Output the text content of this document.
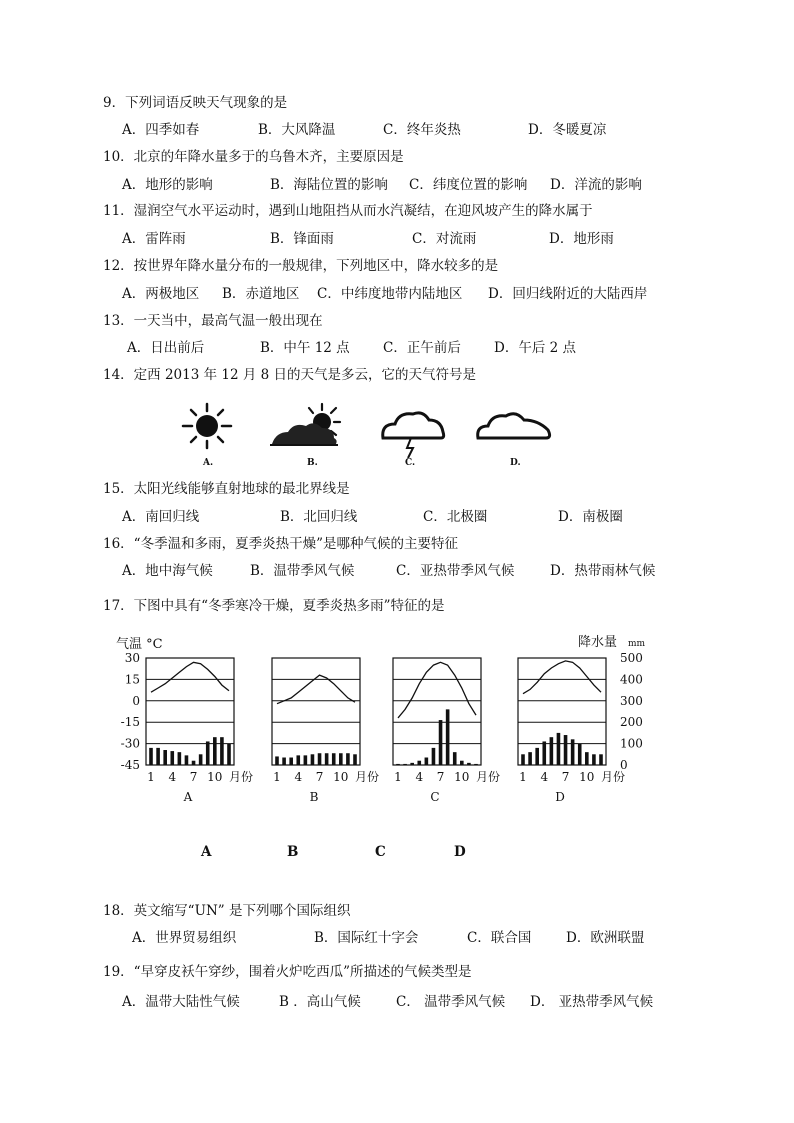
9．下列词语反映天气现象的是
A．四季如春	B．大风降温	C．终年炎热	D．冬暖夏凉
10．北京的年降水量多于的乌鲁木齐，主要原因是
A．地形的影响	B．海陆位置的影响 C．纬度位置的影响 D．洋流的影响
11．湿润空气水平运动时，遇到山地阻挡从而水汽凝结，在迎风坡产生的降水属于
A．雷阵雨	B．锋面雨	C．对流雨	D．地形雨
12．按世界年降水量分布的一般规律，下列地区中，降水较多的是
A．两极地区 B．赤道地区 C．中纬度地带内陆地区 D．回归线附近的大陆西岸
13．一天当中，最高气温一般出现在
A．日出前后	B．中午 12 点 C．正午前后 D．午后 2 点
14．定西 2013 年 12 月 8 日的天气是多云，它的天气符号是
A.	B.	C.	D.
15．太阳光线能够直射地球的最北界线是
A．南回归线	B．北回归线	C．北极圈	D．南极圈
16．“冬季温和多雨，夏季炎热干燥”是哪种气候的主要特征
A．地中海气候	B．温带季风气候	C．亚热带季风气候	D．热带雨林气候
17．下图中具有“冬季寒冷干燥，夏季炎热多雨”特征的是
气温 °C	降水量 mm
30
15
0
-15
-30
-45
500
400
300
200
100
0
1 4 7 10 月份
A
1 4 7 10 月份
B
1 4 7 10 月份
C
1 4 7 10 月份
D
A	B	C	D
18．英文缩写“UN” 是下列哪个国际组织
A．世界贸易组织	B．国际红十字会	C．联合国	D．欧洲联盟
19．“早穿皮袄午穿纱，围着火炉吃西瓜”所描述的气候类型是
A．温带大陆性气候	B ．高山气候	C． 温带季风气候 D． 亚热带季风气候
